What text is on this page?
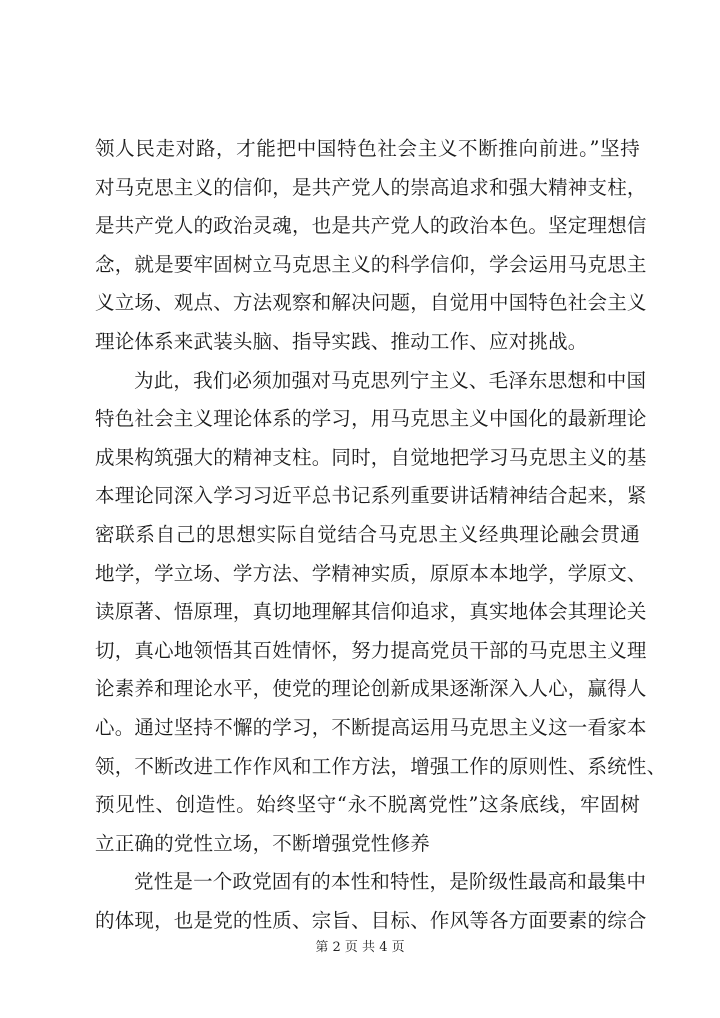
领人民走对路，才能把中国特色社会主义不断推向前进。”坚持
对马克思主义的信仰，是共产党人的崇高追求和强大精神支柱，
是共产党人的政治灵魂，也是共产党人的政治本色。坚定理想信
念，就是要牢固树立马克思主义的科学信仰，学会运用马克思主
义立场、观点、方法观察和解决问题，自觉用中国特色社会主义
理论体系来武装头脑、指导实践、推动工作、应对挑战。
为此，我们必须加强对马克思列宁主义、毛泽东思想和中国
特色社会主义理论体系的学习，用马克思主义中国化的最新理论
成果构筑强大的精神支柱。同时，自觉地把学习马克思主义的基
本理论同深入学习习近平总书记系列重要讲话精神结合起来，紧
密联系自己的思想实际自觉结合马克思主义经典理论融会贯通
地学，学立场、学方法、学精神实质，原原本本地学，学原文、
读原著、悟原理，真切地理解其信仰追求，真实地体会其理论关
切，真心地领悟其百姓情怀，努力提高党员干部的马克思主义理
论素养和理论水平，使党的理论创新成果逐渐深入人心，赢得人
心。通过坚持不懈的学习，不断提高运用马克思主义这一看家本
领，不断改进工作作风和工作方法，增强工作的原则性、系统性、
预见性、创造性。始终坚守“永不脱离党性”这条底线，牢固树
立正确的党性立场，不断增强党性修养
党性是一个政党固有的本性和特性，是阶级性最高和最集中
的体现，也是党的性质、宗旨、目标、作风等各方面要素的综合
第 2 页 共 4 页
